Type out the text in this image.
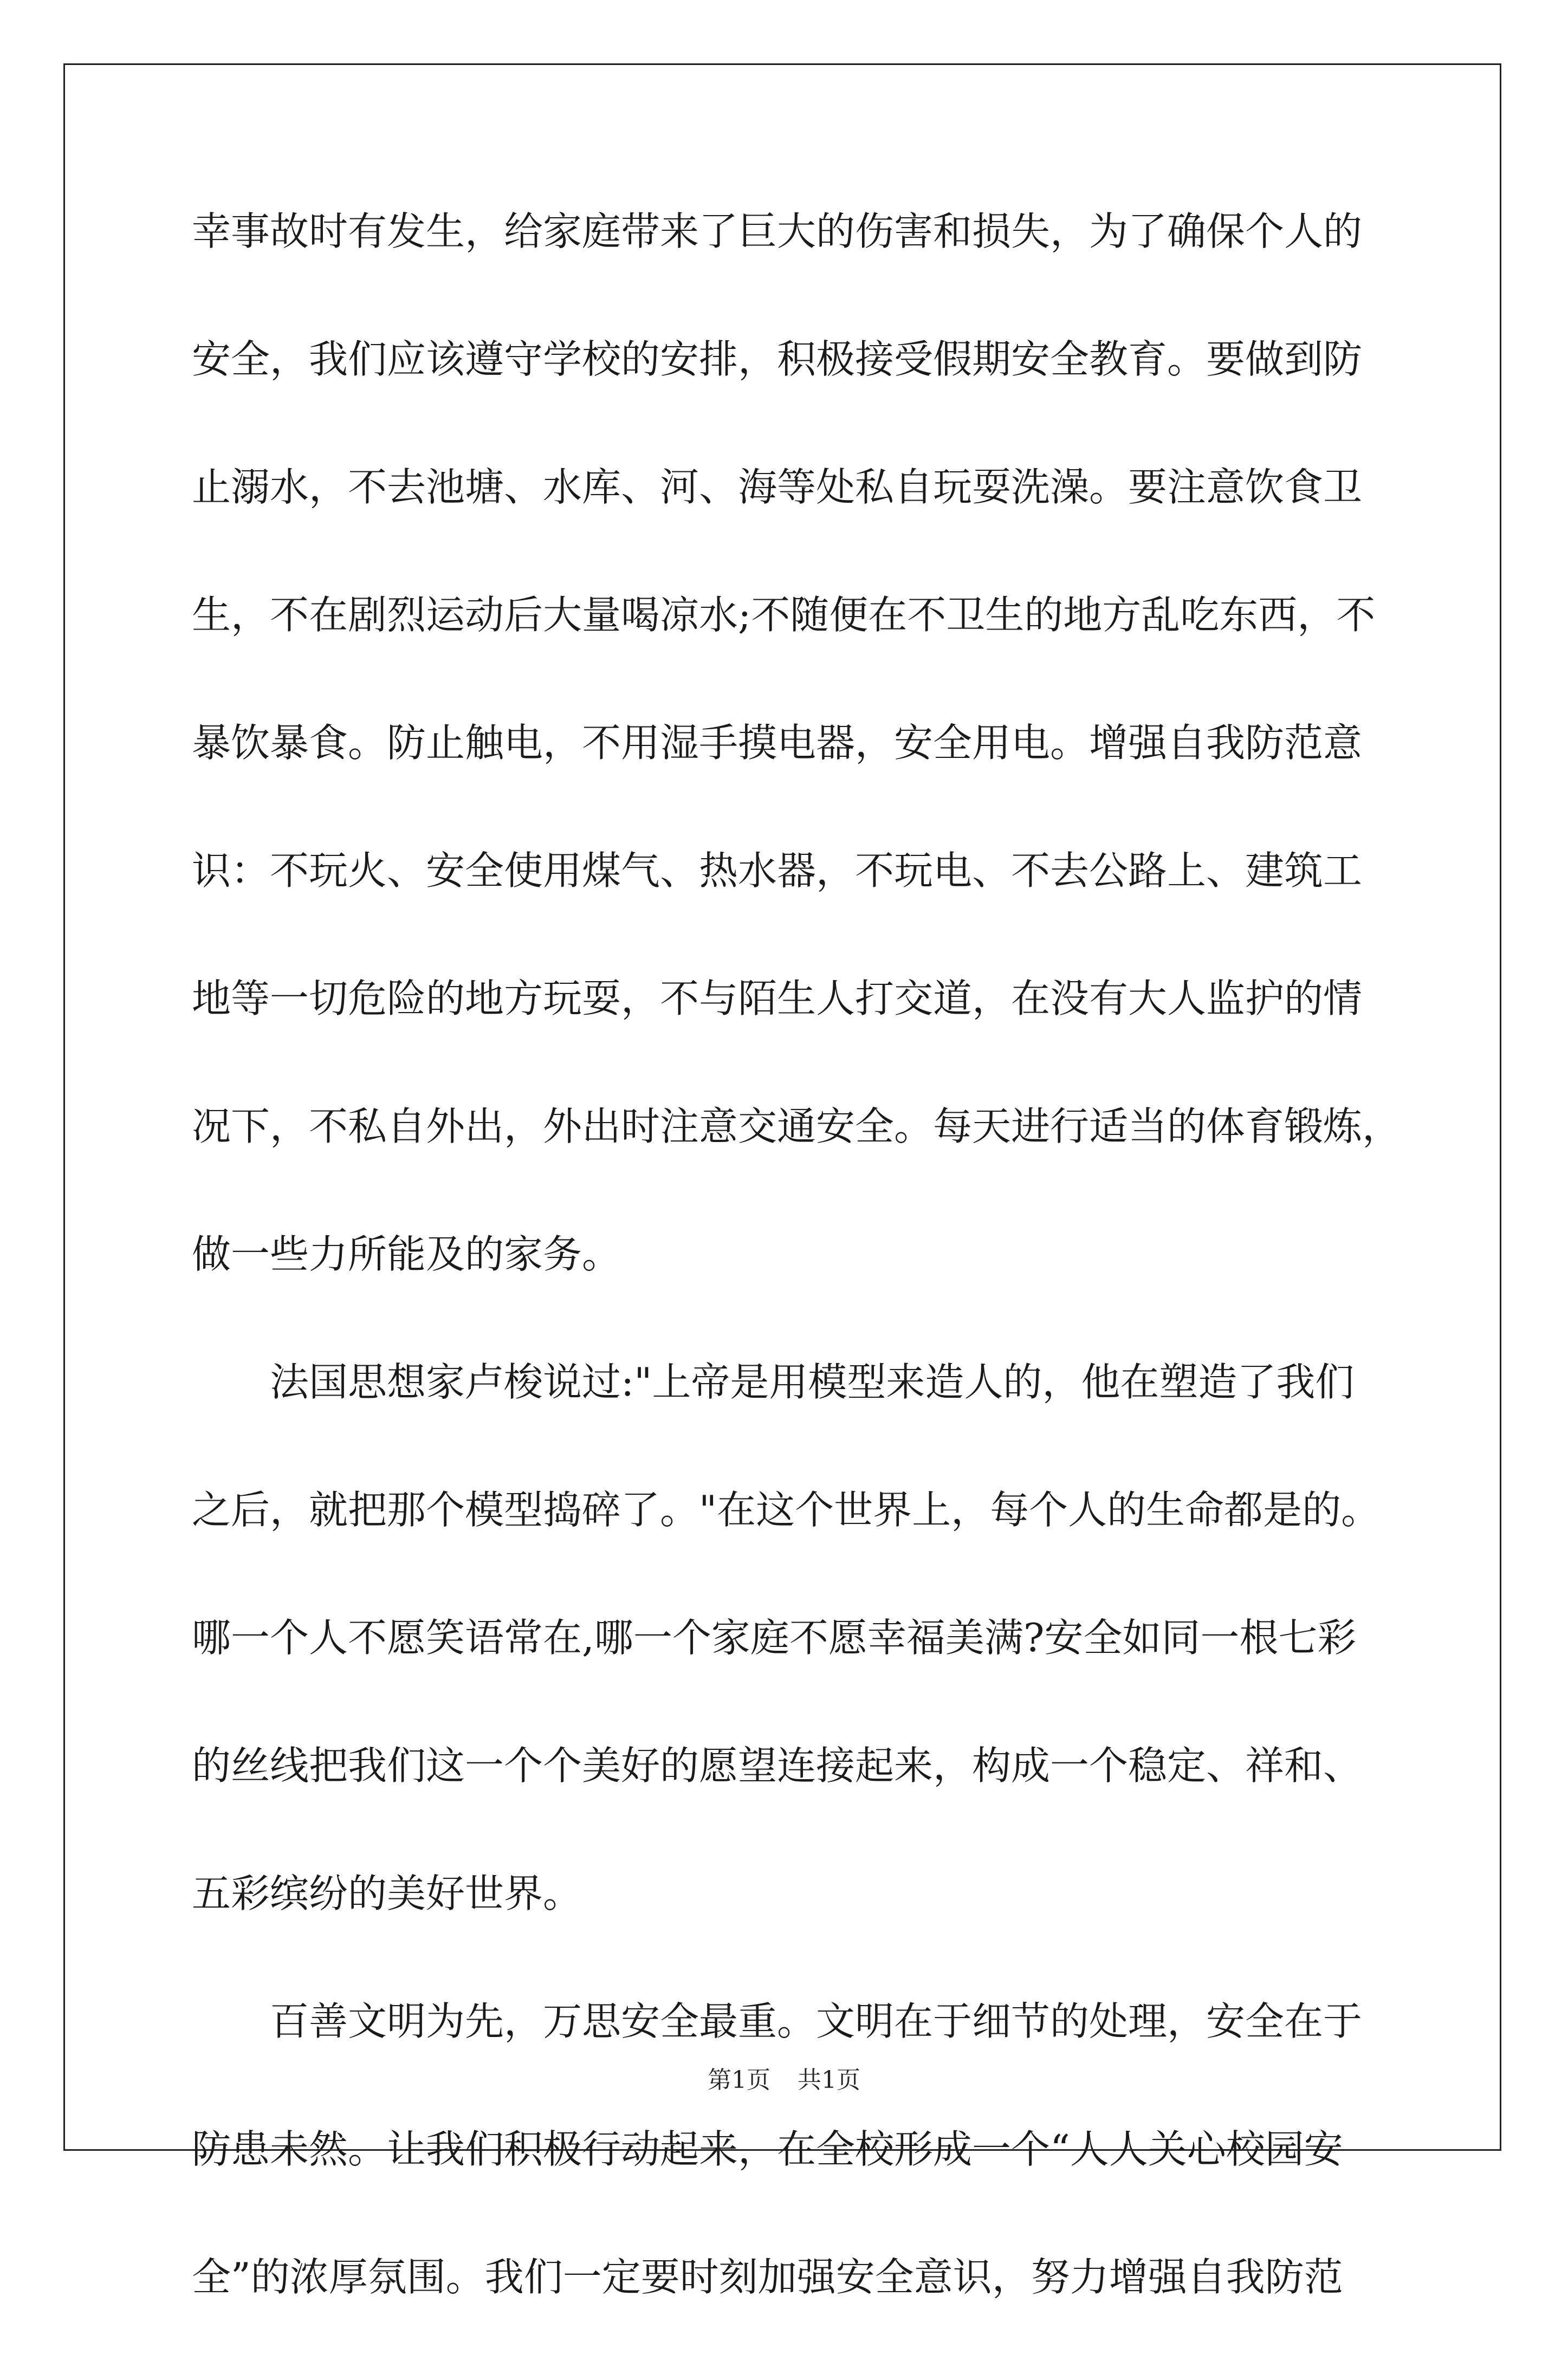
幸事故时有发生，给家庭带来了巨大的伤害和损失，为了确保个人的
安全，我们应该遵守学校的安排，积极接受假期安全教育。要做到防
止溺水，不去池塘、水库、河、海等处私自玩耍洗澡。要注意饮食卫
生，不在剧烈运动后大量喝凉水;不随便在不卫生的地方乱吃东西，不
暴饮暴食。防止触电，不用湿手摸电器，安全用电。增强自我防范意
识：不玩火、安全使用煤气、热水器，不玩电、不去公路上、建筑工
地等一切危险的地方玩耍，不与陌生人打交道，在没有大人监护的情
况下，不私自外出，外出时注意交通安全。每天进行适当的体育锻炼，
做一些力所能及的家务。
　　法国思想家卢梭说过:"上帝是用模型来造人的，他在塑造了我们
之后，就把那个模型捣碎了。"在这个世界上，每个人的生命都是的。
哪一个人不愿笑语常在,哪一个家庭不愿幸福美满?安全如同一根七彩
的丝线把我们这一个个美好的愿望连接起来，构成一个稳定、祥和、
五彩缤纷的美好世界。
　　百善文明为先，万思安全最重。文明在于细节的处理，安全在于
防患未然。让我们积极行动起来，在全校形成一个“人人关心校园安
全”的浓厚氛围。我们一定要时刻加强安全意识，努力增强自我防范
第1页 共1页
